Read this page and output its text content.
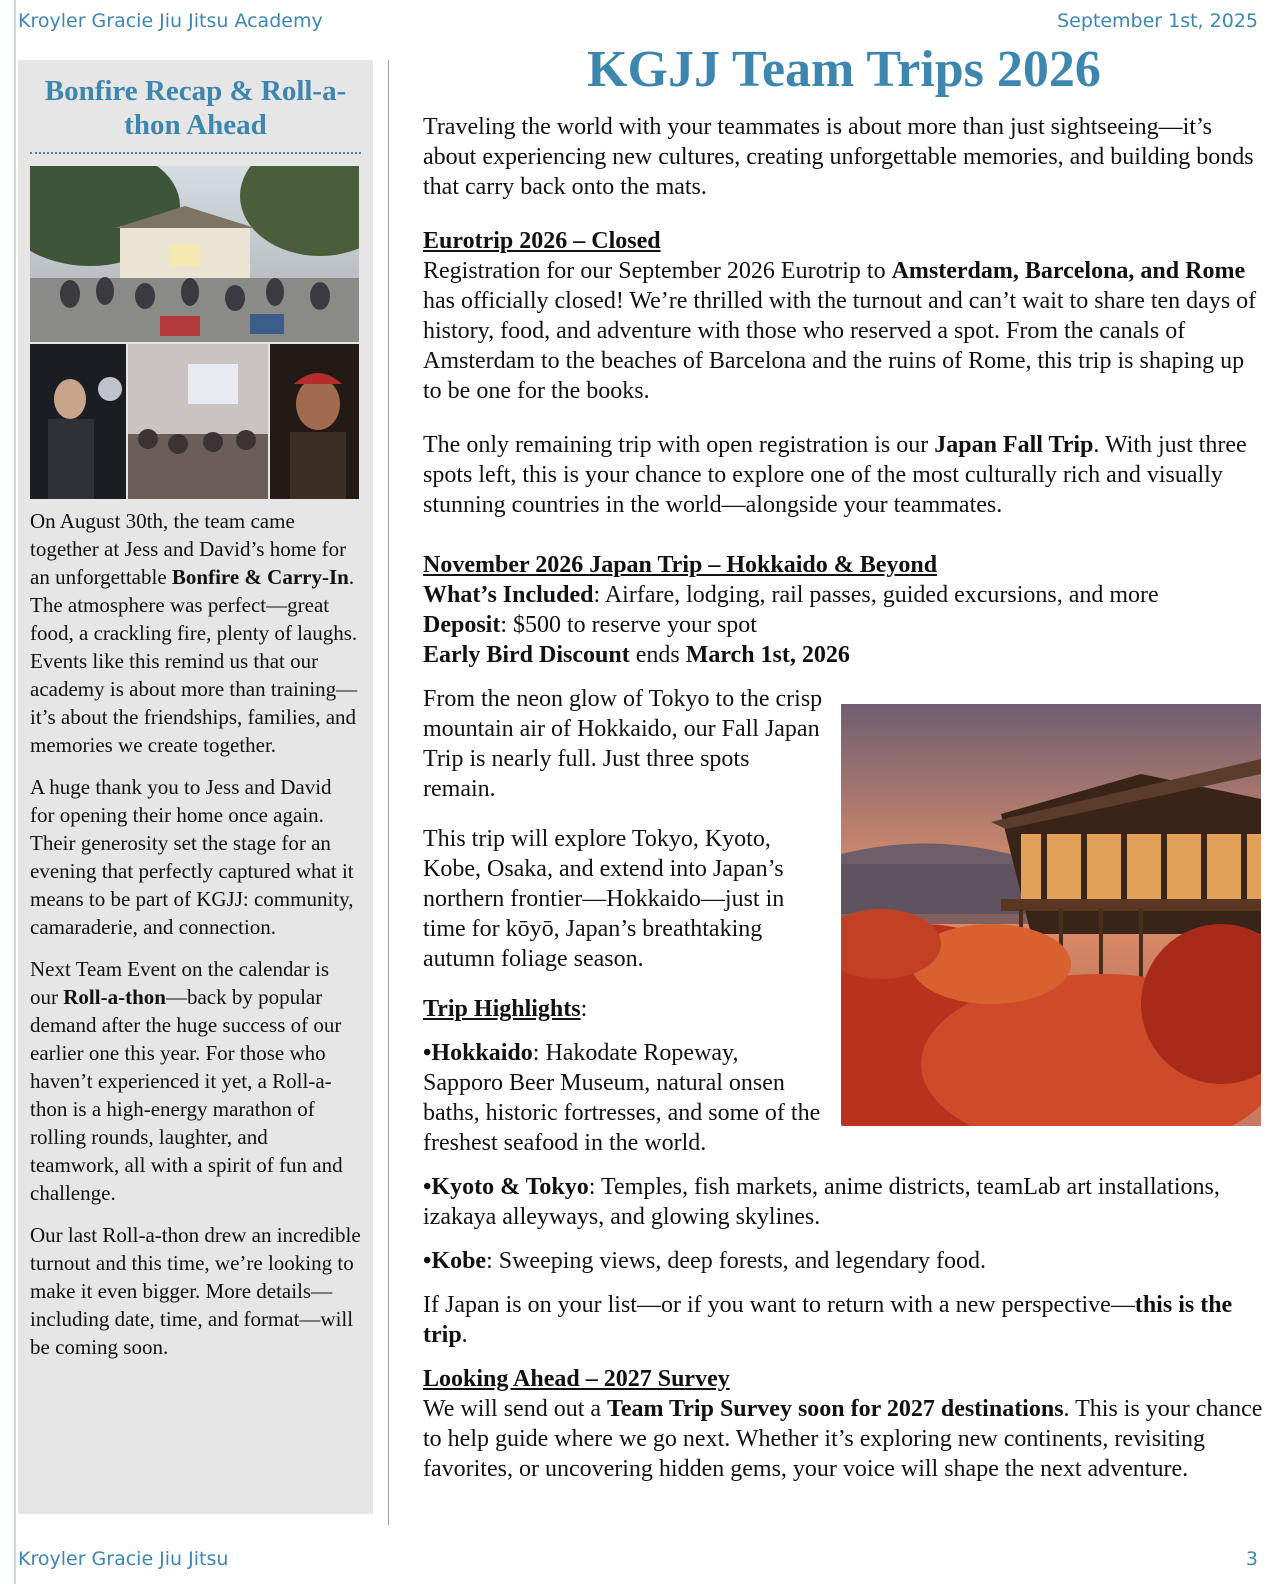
Kroyler Gracie Jiu Jitsu Academy	September 1st, 2025
Bonfire Recap & Roll-a-thon Ahead

On August 30th, the team came together at Jess and David’s home for an unforgettable Bonfire & Carry-In. The atmosphere was perfect—great food, a crackling fire, plenty of laughs. Events like this remind us that our academy is about more than training—it’s about the friendships, families, and memories we create together.

A huge thank you to Jess and David for opening their home once again. Their generosity set the stage for an evening that perfectly captured what it means to be part of KGJJ: community, camaraderie, and connection.

Next Team Event on the calendar is our Roll-a-thon—back by popular demand after the huge success of our earlier one this year. For those who haven’t experienced it yet, a Roll-a-thon is a high-energy marathon of rolling rounds, laughter, and teamwork, all with a spirit of fun and challenge.

Our last Roll-a-thon drew an incredible turnout and this time, we’re looking to make it even bigger. More details—including date, time, and format—will be coming soon.

KGJJ Team Trips 2026

Traveling the world with your teammates is about more than just sightseeing—it’s about experiencing new cultures, creating unforgettable memories, and building bonds that carry back onto the mats.

Eurotrip 2026 – Closed

Registration for our September 2026 Eurotrip to Amsterdam, Barcelona, and Rome has officially closed! We’re thrilled with the turnout and can’t wait to share ten days of history, food, and adventure with those who reserved a spot. From the canals of Amsterdam to the beaches of Barcelona and the ruins of Rome, this trip is shaping up to be one for the books.

The only remaining trip with open registration is our Japan Fall Trip. With just three spots left, this is your chance to explore one of the most culturally rich and visually stunning countries in the world—alongside your teammates.

November 2026 Japan Trip – Hokkaido & Beyond

What’s Included: Airfare, lodging, rail passes, guided excursions, and more

Deposit: $500 to reserve your spot

Early Bird Discount ends March 1st, 2026

From the neon glow of Tokyo to the crisp mountain air of Hokkaido, our Fall Japan Trip is nearly full. Just three spots remain.

This trip will explore Tokyo, Kyoto, Kobe, Osaka, and extend into Japan’s northern frontier—Hokkaido—just in time for kōyō, Japan’s breathtaking autumn foliage season.

Trip Highlights:

•Hokkaido: Hakodate Ropeway, Sapporo Beer Museum, natural onsen baths, historic fortresses, and some of the freshest seafood in the world.

•Kyoto & Tokyo: Temples, fish markets, anime districts, teamLab art installations, izakaya alleyways, and glowing skylines.

•Kobe: Sweeping views, deep forests, and legendary food.

If Japan is on your list—or if you want to return with a new perspective—this is the trip.

Looking Ahead – 2027 Survey

We will send out a Team Trip Survey soon for 2027 destinations. This is your chance to help guide where we go next. Whether it’s exploring new continents, revisiting favorites, or uncovering hidden gems, your voice will shape the next adventure.

Kroyler Gracie Jiu Jitsu	3
